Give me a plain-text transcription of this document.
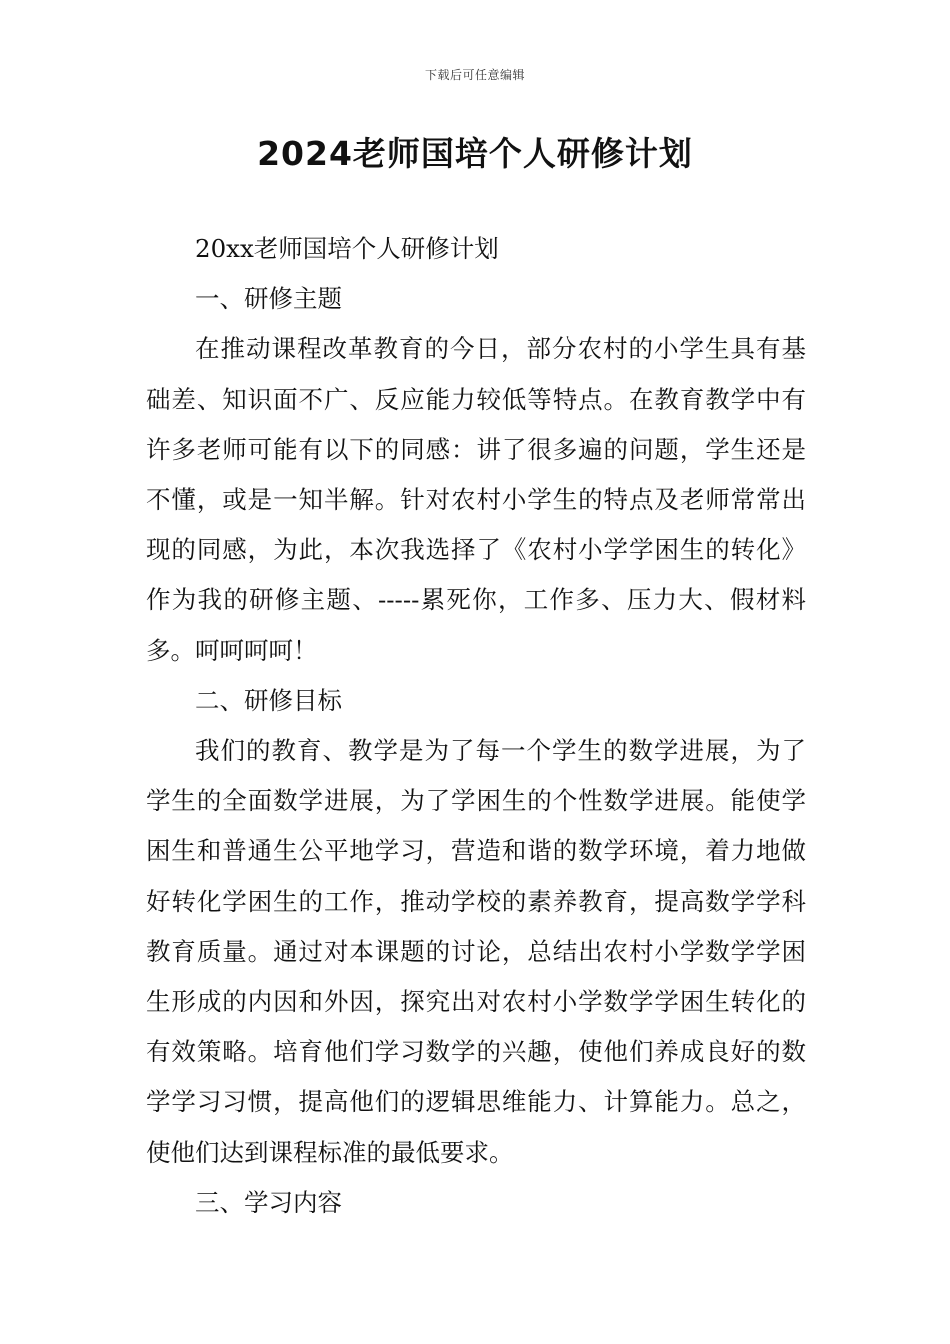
下载后可任意编辑
2024老师国培个人研修计划

20xx老师国培个人研修计划

一、研修主题

在推动课程改革教育的今日，部分农村的小学生具有基础差、知识面不广、反应能力较低等特点。在教育教学中有许多老师可能有以下的同感：讲了很多遍的问题，学生还是不懂，或是一知半解。针对农村小学生的特点及老师常常出现的同感，为此，本次我选择了《农村小学学困生的转化》作为我的研修主题、-----累死你，工作多、压力大、假材料多。呵呵呵呵！

二、研修目标

我们的教育、教学是为了每一个学生的数学进展，为了学生的全面数学进展，为了学困生的个性数学进展。能使学困生和普通生公平地学习，营造和谐的数学环境，着力地做好转化学困生的工作，推动学校的素养教育，提高数学学科教育质量。通过对本课题的讨论，总结出农村小学数学学困生形成的内因和外因，探究出对农村小学数学学困生转化的有效策略。培育他们学习数学的兴趣，使他们养成良好的数学学习习惯，提高他们的逻辑思维能力、计算能力。总之，使他们达到课程标准的最低要求。

三、学习内容
